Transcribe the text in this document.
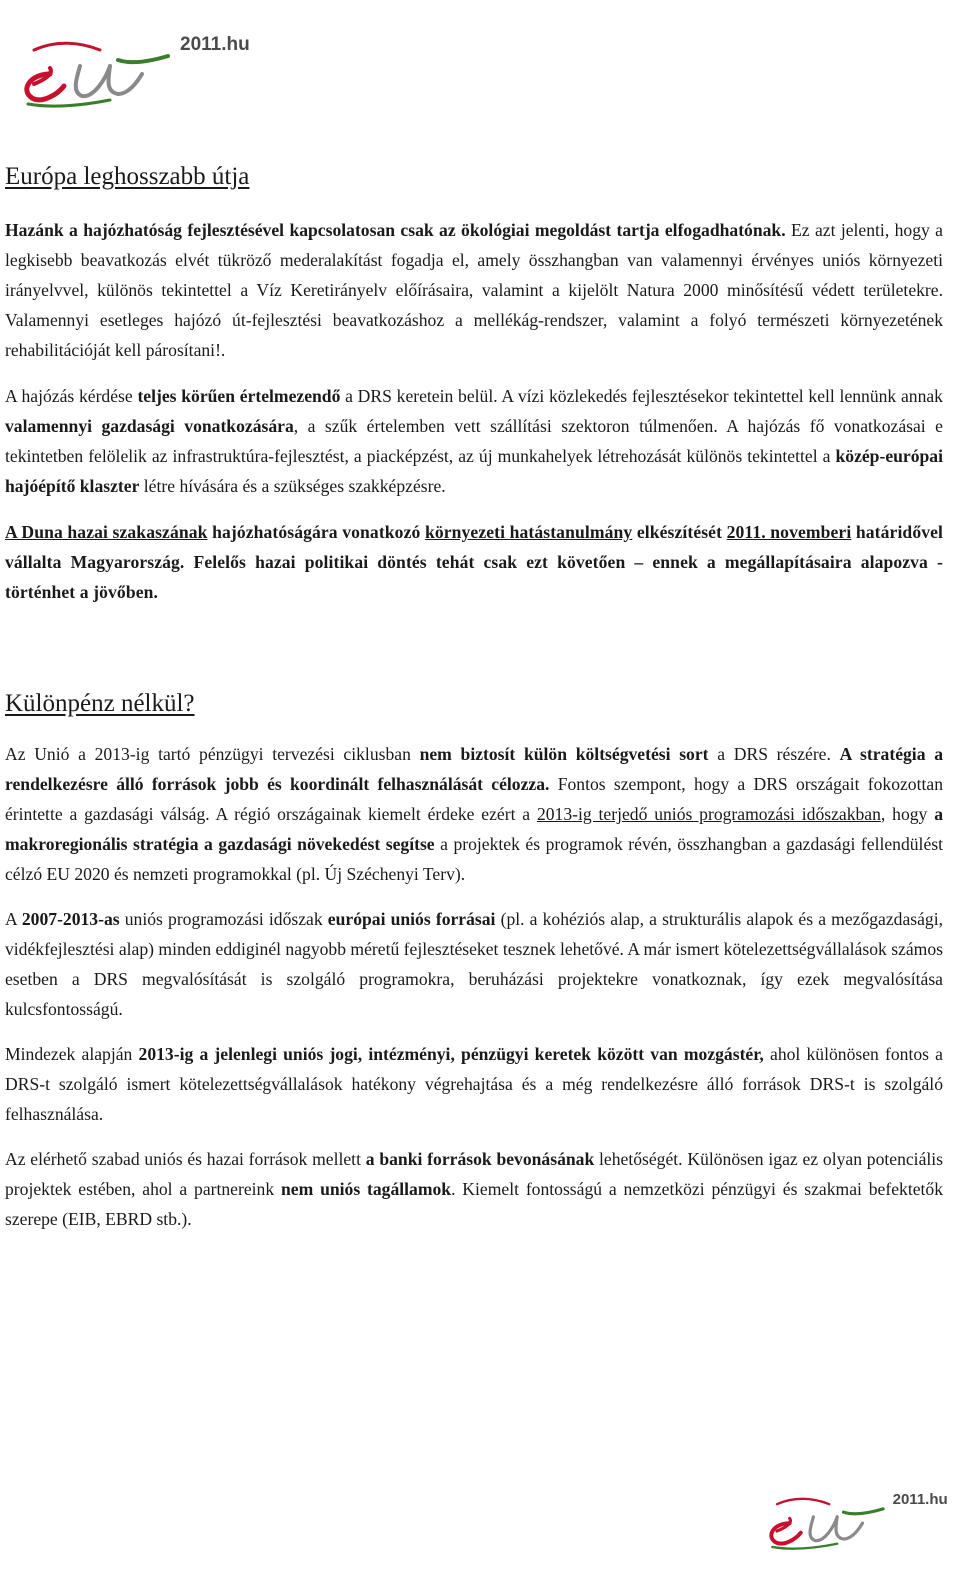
2011.hu
Európa leghosszabb útja

Hazánk a hajózhatóság fejlesztésével kapcsolatosan csak az ökológiai megoldást tartja elfogadhatónak. Ez azt jelenti, hogy a legkisebb beavatkozás elvét tükröző mederalakítást fogadja el, amely összhangban van valamennyi érvényes uniós környezeti irányelvvel, különös tekintettel a Víz Keretirányelv előírásaira, valamint a kijelölt Natura 2000 minősítésű védett területekre. Valamennyi esetleges hajózó út-fejlesztési beavatkozáshoz a mellékág-rendszer, valamint a folyó természeti környezetének rehabilitációját kell párosítani!.

A hajózás kérdése teljes körűen értelmezendő a DRS keretein belül. A vízi közlekedés fejlesztésekor tekintettel kell lennünk annak valamennyi gazdasági vonatkozására, a szűk értelemben vett szállítási szektoron túlmenően. A hajózás fő vonatkozásai e tekintetben felölelik az infrastruktúra-fejlesztést, a piacképzést, az új munkahelyek létrehozását különös tekintettel a közép-európai hajóépítő klaszter létre hívására és a szükséges szakképzésre.

A Duna hazai szakaszának hajózhatóságára vonatkozó környezeti hatástanulmány elkészítését 2011. novemberi határidővel vállalta Magyarország. Felelős hazai politikai döntés tehát csak ezt követően – ennek a megállapításaira alapozva - történhet a jövőben.

Különpénz nélkül?

Az Unió a 2013-ig tartó pénzügyi tervezési ciklusban nem biztosít külön költségvetési sort a DRS részére. A stratégia a rendelkezésre álló források jobb és koordinált felhasználását célozza. Fontos szempont, hogy a DRS országait fokozottan érintette a gazdasági válság. A régió országainak kiemelt érdeke ezért a 2013-ig terjedő uniós programozási időszakban, hogy a makroregionális stratégia a gazdasági növekedést segítse a projektek és programok révén, összhangban a gazdasági fellendülést célzó EU 2020 és nemzeti programokkal (pl. Új Széchenyi Terv).

A 2007-2013-as uniós programozási időszak európai uniós forrásai (pl. a kohéziós alap, a strukturális alapok és a mezőgazdasági, vidékfejlesztési alap) minden eddiginél nagyobb méretű fejlesztéseket tesznek lehetővé. A már ismert kötelezettségvállalások számos esetben a DRS megvalósítását is szolgáló programokra, beruházási projektekre vonatkoznak, így ezek megvalósítása kulcsfontosságú.

Mindezek alapján 2013-ig a jelenlegi uniós jogi, intézményi, pénzügyi keretek között van mozgástér, ahol különösen fontos a DRS-t szolgáló ismert kötelezettségvállalások hatékony végrehajtása és a még rendelkezésre álló források DRS-t is szolgáló felhasználása.

Az elérhető szabad uniós és hazai források mellett a banki források bevonásának lehetőségét. Különösen igaz ez olyan potenciális projektek estében, ahol a partnereink nem uniós tagállamok. Kiemelt fontosságú a nemzetközi pénzügyi és szakmai befektetők szerepe (EIB, EBRD stb.).

2011.hu
